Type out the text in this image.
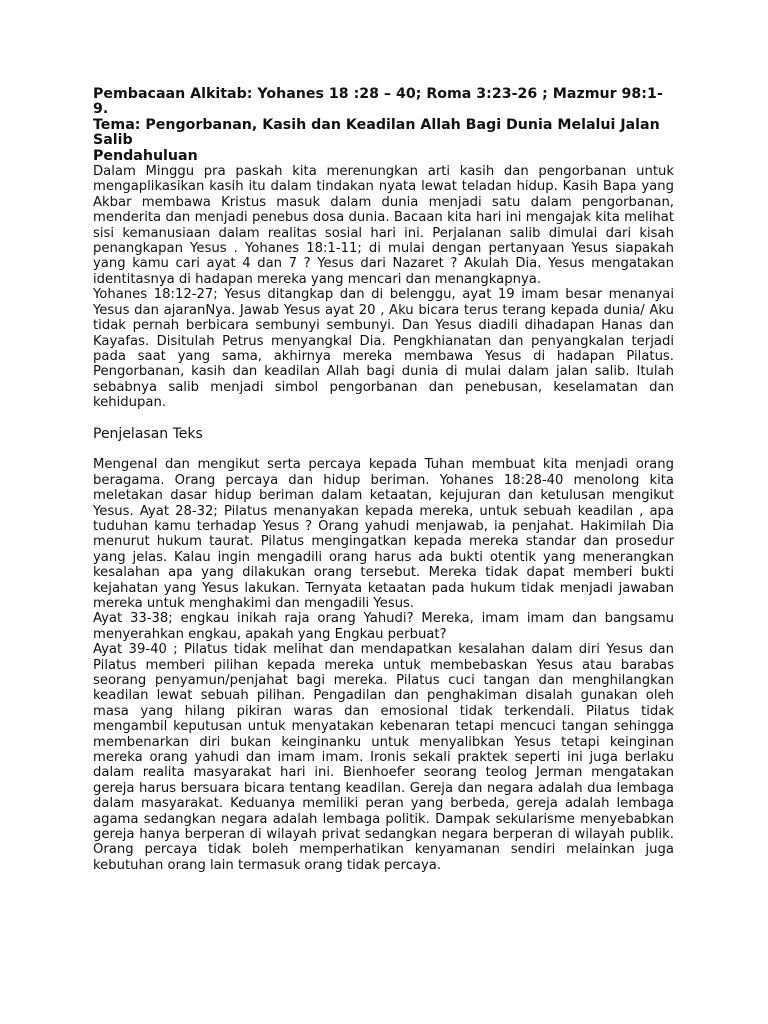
Pembacaan Alkitab: Yohanes 18 :28 – 40; Roma 3:23-26 ; Mazmur 98:1-9.

Tema: Pengorbanan, Kasih dan Keadilan Allah Bagi Dunia Melalui Jalan Salib

Pendahuluan

Dalam Minggu pra paskah kita merenungkan arti kasih dan pengorbanan untuk mengaplikasikan kasih itu dalam tindakan nyata lewat teladan hidup. Kasih Bapa yang Akbar membawa Kristus masuk dalam dunia menjadi satu dalam pengorbanan, menderita dan menjadi penebus dosa dunia. Bacaan kita hari ini mengajak kita melihat sisi kemanusiaan dalam realitas sosial hari ini. Perjalanan salib dimulai dari kisah penangkapan Yesus . Yohanes 18:1-11; di mulai dengan pertanyaan Yesus siapakah yang kamu cari ayat 4 dan 7 ? Yesus dari Nazaret ? Akulah Dia. Yesus mengatakan identitasnya di hadapan mereka yang mencari dan menangkapnya.

Yohanes 18:12-27; Yesus ditangkap dan di belenggu, ayat 19 imam besar menanyai Yesus dan ajaranNya. Jawab Yesus ayat 20 , Aku bicara terus terang kepada dunia/ Aku tidak pernah berbicara sembunyi sembunyi. Dan Yesus diadili dihadapan Hanas dan Kayafas. Disitulah Petrus menyangkal Dia. Pengkhianatan dan penyangkalan terjadi pada saat yang sama, akhirnya mereka membawa Yesus di hadapan Pilatus. Pengorbanan, kasih dan keadilan Allah bagi dunia di mulai dalam jalan salib. Itulah sebabnya salib menjadi simbol pengorbanan dan penebusan, keselamatan dan kehidupan.

Penjelasan Teks

Mengenal dan mengikut serta percaya kepada Tuhan membuat kita menjadi orang beragama. Orang percaya dan hidup beriman. Yohanes 18:28-40 menolong kita meletakan dasar hidup beriman dalam ketaatan, kejujuran dan ketulusan mengikut Yesus. Ayat 28-32; Pilatus menanyakan kepada mereka, untuk sebuah keadilan , apa tuduhan kamu terhadap Yesus ? Orang yahudi menjawab, ia penjahat. Hakimilah Dia menurut hukum taurat. Pilatus mengingatkan kepada mereka standar dan prosedur yang jelas. Kalau ingin mengadili orang harus ada bukti otentik yang menerangkan kesalahan apa yang dilakukan orang tersebut. Mereka tidak dapat memberi bukti kejahatan yang Yesus lakukan. Ternyata ketaatan pada hukum tidak menjadi jawaban mereka untuk menghakimi dan mengadili Yesus.

Ayat 33-38; engkau inikah raja orang Yahudi? Mereka, imam imam dan bangsamu menyerahkan engkau, apakah yang Engkau perbuat?

Ayat 39-40 ; Pilatus tidak melihat dan mendapatkan kesalahan dalam diri Yesus dan Pilatus memberi pilihan kepada mereka untuk membebaskan Yesus atau barabas seorang penyamun/penjahat bagi mereka. Pilatus cuci tangan dan menghilangkan keadilan lewat sebuah pilihan. Pengadilan dan penghakiman disalah gunakan oleh masa yang hilang pikiran waras dan emosional tidak terkendali. Pilatus tidak mengambil keputusan untuk menyatakan kebenaran tetapi mencuci tangan sehingga membenarkan diri bukan keinginanku untuk menyalibkan Yesus tetapi keinginan mereka orang yahudi dan imam imam. Ironis sekali praktek seperti ini juga berlaku dalam realita masyarakat hari ini. Bienhoefer seorang teolog Jerman mengatakan gereja harus bersuara bicara tentang keadilan. Gereja dan negara adalah dua lembaga dalam masyarakat. Keduanya memiliki peran yang berbeda, gereja adalah lembaga agama sedangkan negara adalah lembaga politik. Dampak sekularisme menyebabkan gereja hanya berperan di wilayah privat sedangkan negara berperan di wilayah publik. Orang percaya tidak boleh memperhatikan kenyamanan sendiri melainkan juga kebutuhan orang lain termasuk orang tidak percaya.
